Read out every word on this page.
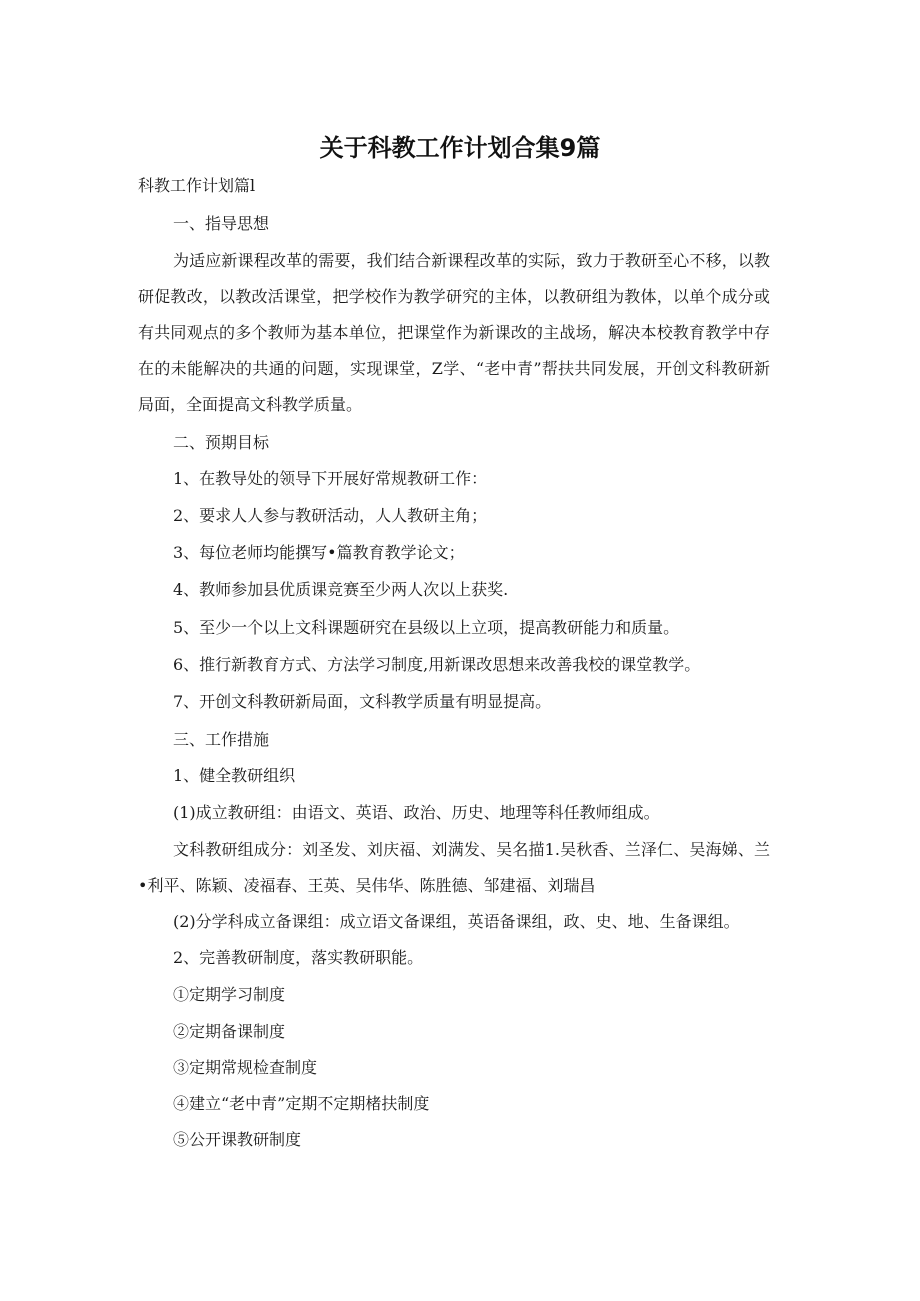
关于科教工作计划合集9篇
科教工作计划篇l
一、指导思想

为适应新课程改革的需要，我们结合新课程改革的实际，致力于教研至心不移，以教研促教改，以教改活课堂，把学校作为教学研究的主体，以教研组为教体，以单个成分或有共同观点的多个教师为基本单位，把课堂作为新课改的主战场，解决本校教育教学中存在的未能解决的共通的问题，实现课堂，Z学、“老中青”帮扶共同发展，开创文科教研新局面，全面提高文科教学质量。

二、预期目标
1、在教导处的领导下开展好常规教研工作：
2、要求人人参与教研活动，人人教研主角；
3、每位老师均能撰写•篇教育教学论文；
4、教师参加县优质课竞赛至少两人次以上获奖.
5、至少一个以上文科课题研究在县级以上立项，提高教研能力和质量。
6、推行新教育方式、方法学习制度,用新课改思想来改善我校的课堂教学。
7、开创文科教研新局面，文科教学质量有明显提高。
三、工作措施
1、健全教研组织
(1)成立教研组：由语文、英语、政治、历史、地理等科任教师组成。

文科教研组成分：刘圣发、刘庆福、刘满发、吴名描1.吴秋香、兰泽仁、吴海娣、兰•利平、陈颖、凌福春、王英、吴伟华、陈胜德、邹建福、刘瑞昌

(2)分学科成立备课组：成立语文备课组，英语备课组，政、史、地、生备课组。
2、完善教研制度，落实教研职能。
①定期学习制度
②定期备课制度
③定期常规检查制度
④建立“老中青”定期不定期楮扶制度
⑤公开课教研制度
